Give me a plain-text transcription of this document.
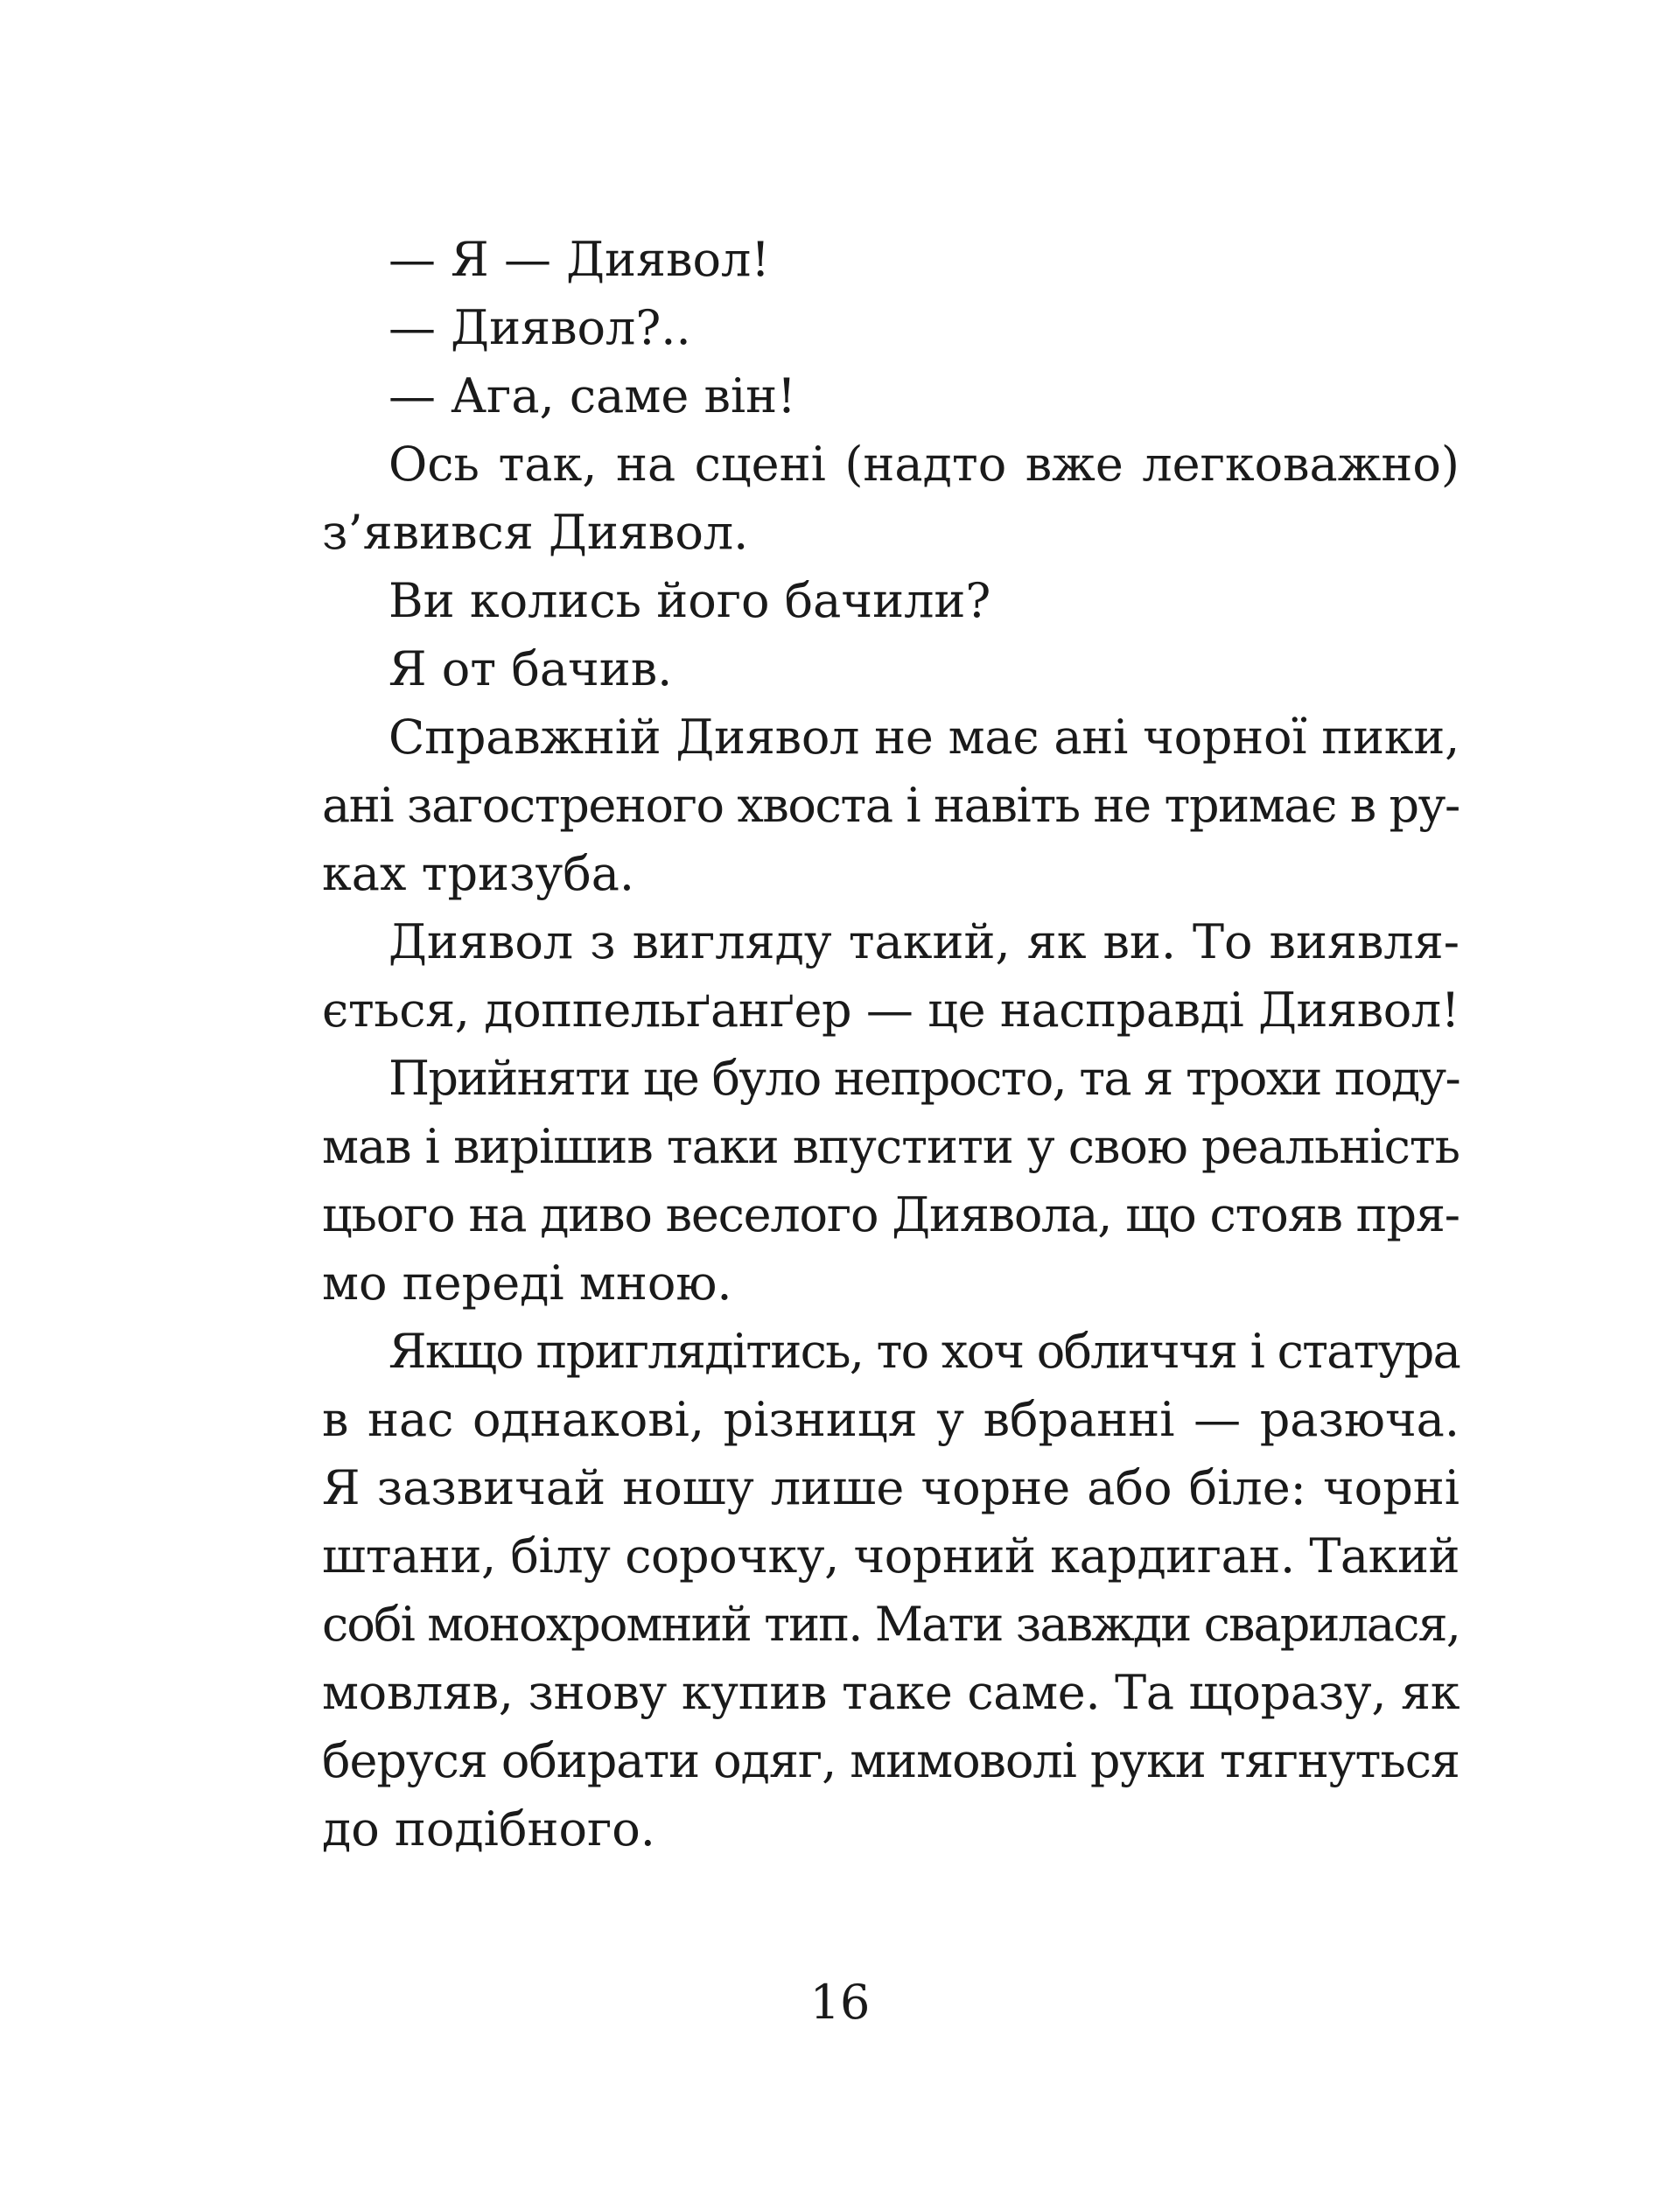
— Я — Диявол!
— Диявол?..
— Ага, саме він!
Ось так, на сцені (надто вже легковажно)
з’явився Диявол.
Ви колись його бачили?
Я от бачив.
Справжній Диявол не має ані чорної пики,
ані загостреного хвоста і навіть не тримає в ру-
ках тризуба.
Диявол з вигляду такий, як ви. То виявля-
ється, доппельґанґер — це насправді Диявол!
Прийняти це було непросто, та я трохи поду-
мав і вирішив таки впустити у свою реальність
цього на диво веселого Диявола, що стояв пря-
мо переді мною.
Якщо приглядітись, то хоч обличчя і статура
в нас однакові, різниця у вбранні — разюча.
Я зазвичай ношу лише чорне або біле: чорні
штани, білу сорочку, чорний кардиган. Такий
собі монохромний тип. Мати завжди сварилася,
мовляв, знову купив таке саме. Та щоразу, як
беруся обирати одяг, мимоволі руки тягнуться
до подібного.
16
